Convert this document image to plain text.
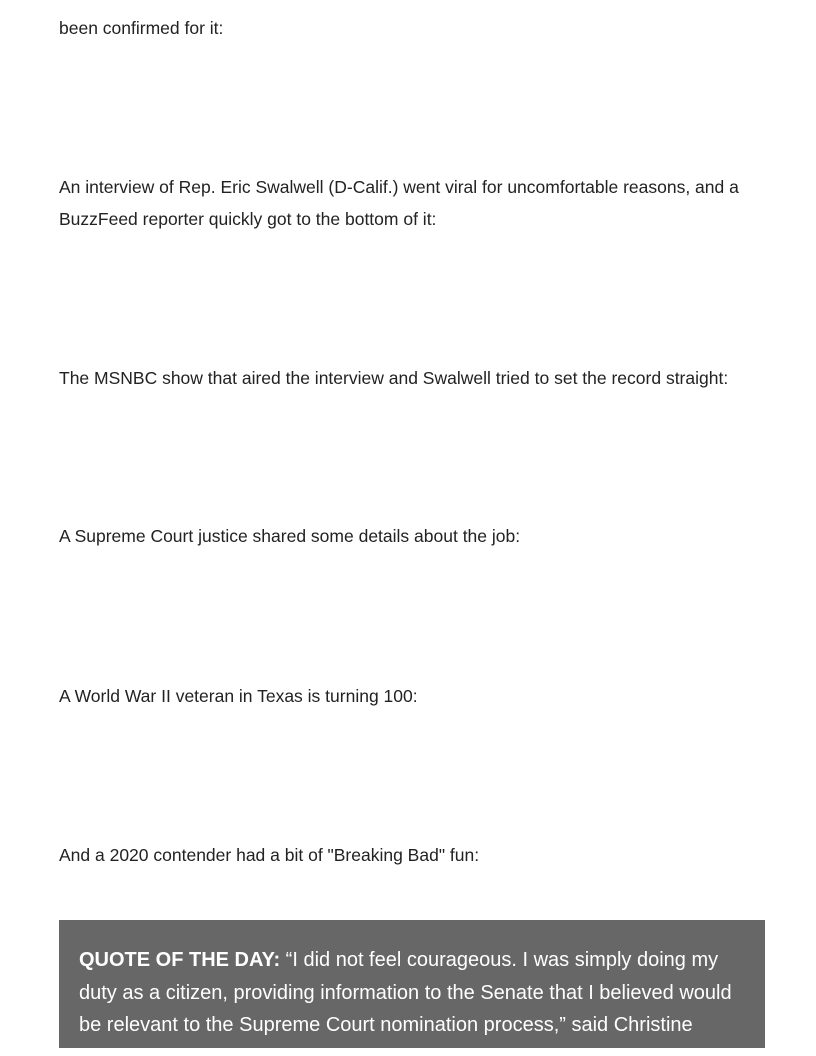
been confirmed for it:

An interview of Rep. Eric Swalwell (D-Calif.) went viral for uncomfortable reasons, and a BuzzFeed reporter quickly got to the bottom of it:

The MSNBC show that aired the interview and Swalwell tried to set the record straight:

A Supreme Court justice shared some details about the job:

A World War II veteran in Texas is turning 100:

And a 2020 contender had a bit of "Breaking Bad" fun:

QUOTE OF THE DAY: “I did not feel courageous. I was simply doing my duty as a citizen, providing information to the Senate that I believed would be relevant to the Supreme Court nomination process,” said Christine
